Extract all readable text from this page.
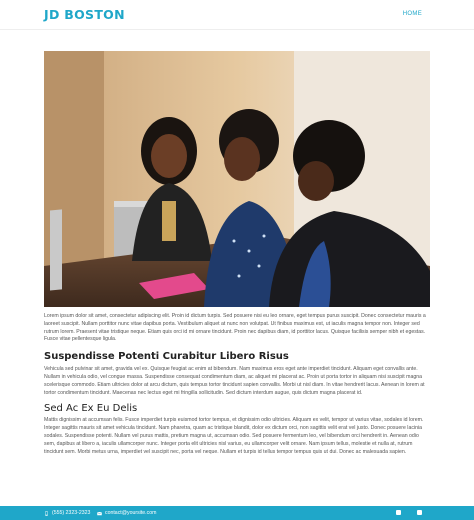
JD BOSTON	HOME

Lorem ipsum dolor sit amet, consectetur adipiscing elit. Proin id dictum turpis. Sed posuere nisi eu leo ornare, eget tempus purus suscipit. Donec consectetur mauris a laoreet suscipit. Nullam porttitor nunc vitae dapibus porta. Vestibulum aliquet at nunc non volutpat. Ut finibus maximus est, ut iaculis magna tempor non. Integer sed rutrum lorem. Praesent vitae tristique neque. Etiam quis orci id mi ornare tincidunt. Proin nec dapibus diam, id porttitor lacus. Quisque facilisis semper nibh et egestas. Fusce vitae pellentesque ligula.

Suspendisse Potenti Curabitur Libero Risus

Vehicula sed pulvinar sit amet, gravida vel ex. Quisque feugiat ac enim at bibendum. Nam maximus eros eget ante imperdiet tincidunt. Aliquam eget convallis ante. Nullam in vehicula odio, vel congue massa. Suspendisse consequat condimentum diam, ac aliquet mi placerat ac. Proin ut porta tortor in aliquam nisi suscipit magna scelerisque commodo. Etiam ultricies dolor at arcu dictum, quis tempus tortor tincidunt sapien convallis. Morbi ut nisl diam. In vitae hendrerit lacus. Aenean in lorem at tortor condimentum tincidunt. Maecenas nec lectus eget mi fringilla sollicitudin. Sed dictum interdum augue, quis dictum magna placerat id.

Sed Ac Ex Eu Delis

Mattis dignissim at accumsan felis. Fusce imperdiet turpis euismod tortor tempus, et dignissim odio ultricies. Aliquam ex velit, tempor ut varius vitae, sodales id lorem. Integer sagittis mauris sit amet vehicula tincidunt. Nam pharetra, quam ac tristique blandit, dolor ex dictum orci, non sagittis velit erat vel justo. Donec posuere lacinia sodales. Suspendisse potenti. Nullam vel purus mattis, pretium magna ut, accumsan odio. Sed posuere fermentum leo, vel bibendum orci hendrerit in. Aenean odio sem, dapibus at libero a, iaculis ullamcorper nunc. Integer porta elit ultricies nisl varius, eu ullamcorper velit ornare. Nam ipsum tellus, molestie et nulla at, rutrum tincidunt sem. Morbi metus urna, imperdiet vel suscipit nec, porta vel neque. Nullam et turpis id tellus tempor tempus quis ut dui. Donec ac malesuada sapien.

(555) 2323-2323	contact@yoursite.com
